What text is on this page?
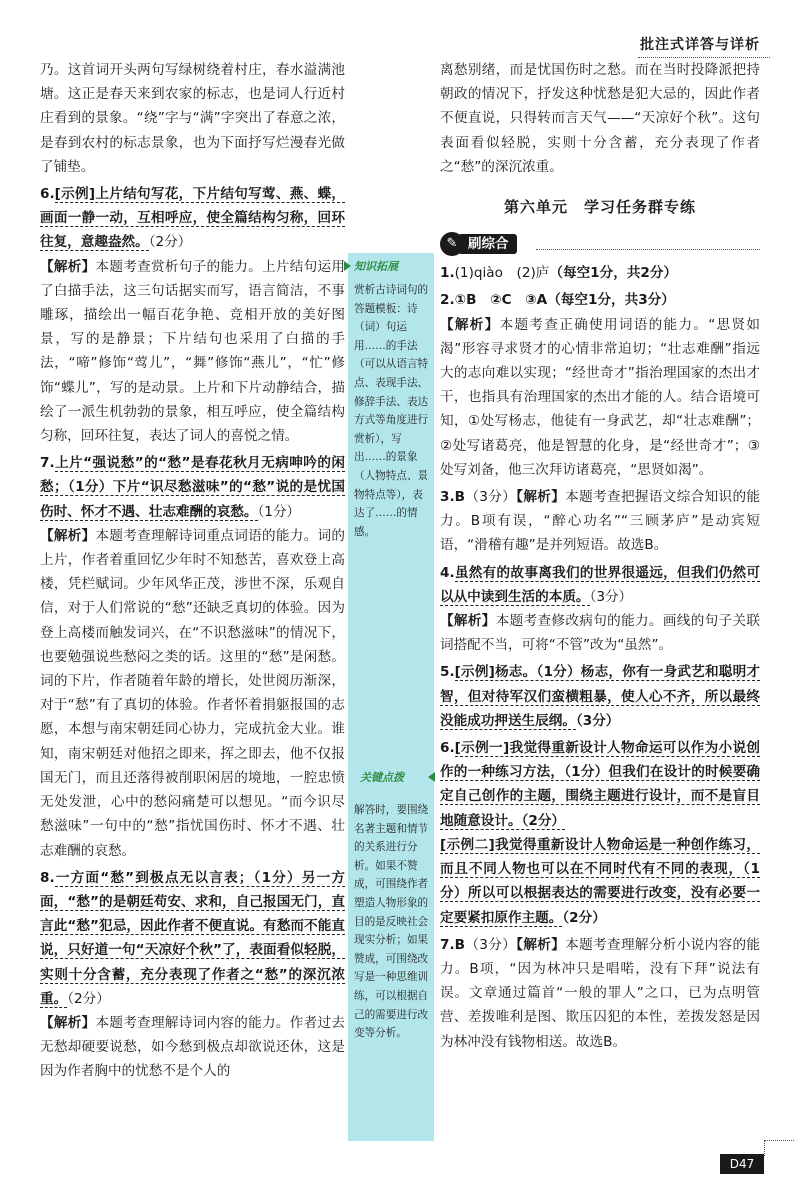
批注式详答与详析

乃。这首词开头两句写绿树绕着村庄，春水溢满池塘。这正是春天来到农家的标志，也是词人行近村庄看到的景象。“绕”字与“满”字突出了春意之浓，是春到农村的标志景象，也为下面抒写烂漫春光做了铺垫。

6.[示例]上片结句写花，下片结句写莺、燕、蝶，画面一静一动，互相呼应，使全篇结构匀称，回环往复，意趣盎然。（2分）

【解析】本题考查赏析句子的能力。上片结句运用了白描手法，这三句话据实而写，语言简洁，不事雕琢，描绘出一幅百花争艳、竞相开放的美好图景，写的是静景；下片结句也采用了白描的手法，“啼”修饰“莺儿”，“舞”修饰“燕儿”，“忙”修饰“蝶儿”，写的是动景。上片和下片动静结合，描绘了一派生机勃勃的景象，相互呼应，使全篇结构匀称，回环往复，表达了词人的喜悦之情。

7.上片“强说愁”的“愁”是春花秋月无病呻吟的闲愁；（1分）下片“识尽愁滋味”的“愁”说的是忧国伤时、怀才不遇、壮志难酬的哀愁。（1分）

【解析】本题考查理解诗词重点词语的能力。词的上片，作者着重回忆少年时不知愁苦，喜欢登上高楼，凭栏赋词。少年风华正茂，涉世不深，乐观自信，对于人们常说的“愁”还缺乏真切的体验。因为登上高楼而触发词兴，在“不识愁滋味”的情况下，也要勉强说些愁闷之类的话。这里的“愁”是闲愁。词的下片，作者随着年龄的增长，处世阅历渐深，对于“愁”有了真切的体验。作者怀着捐躯报国的志愿，本想与南宋朝廷同心协力，完成抗金大业。谁知，南宋朝廷对他招之即来，挥之即去，他不仅报国无门，而且还落得被削职闲居的境地，一腔忠愤无处发泄，心中的愁闷痛楚可以想见。“而今识尽愁滋味”一句中的“愁”指忧国伤时、怀才不遇、壮志难酬的哀愁。

8.一方面“愁”到极点无以言表；（1分）另一方面，“愁”的是朝廷苟安、求和，自己报国无门，直言此“愁”犯忌，因此作者不便直说。有愁而不能直说，只好道一句“天凉好个秋”了，表面看似轻脱，实则十分含蓄，充分表现了作者之“愁”的深沉浓重。（2分）

【解析】本题考查理解诗词内容的能力。作者过去无愁却硬要说愁，如今愁到极点却欲说还休，这是因为作者胸中的忧愁不是个人的

赏析古诗词句的答题模板：诗（词）句运用……的手法（可以从语言特点、表现手法、修辞手法、表达方式等角度进行赏析），写出……的景象（人物特点、景物特点等），表达了……的情感。
解答时，要围绕名著主题和情节的关系进行分析。如果不赞成，可围绕作者塑造人物形象的目的是反映社会现实分析；如果赞成，可围绕改写是一种思维训练，可以根据自己的需要进行改变等分析。
知识拓展
关键点拨

离愁别绪，而是忧国伤时之愁。而在当时投降派把持朝政的情况下，抒发这种忧愁是犯大忌的，因此作者不便直说，只得转而言天气——“天凉好个秋”。这句表面看似轻脱，实则十分含蓄，充分表现了作者之“愁”的深沉浓重。

第六单元　学习任务群专练
刷综合
✎

1.(1)qiào　(2)庐（每空1分，共2分）

2.①B　②C　③A（每空1分，共3分）

【解析】本题考查正确使用词语的能力。“思贤如渴”形容寻求贤才的心情非常迫切；“壮志难酬”指远大的志向难以实现；“经世奇才”指治理国家的杰出才干，也指具有治理国家的杰出才能的人。结合语境可知，①处写杨志，他徒有一身武艺，却“壮志难酬”；②处写诸葛亮，他是智慧的化身，是“经世奇才”；③处写刘备，他三次拜访诸葛亮，“思贤如渴”。

3.B（3分）【解析】本题考查把握语文综合知识的能力。B项有误，“醉心功名”“三顾茅庐”是动宾短语，“滑稽有趣”是并列短语。故选B。

4.虽然有的故事离我们的世界很遥远，但我们仍然可以从中读到生活的本质。（3分）

【解析】本题考查修改病句的能力。画线的句子关联词搭配不当，可将“不管”改为“虽然”。

5.[示例]杨志。（1分）杨志，你有一身武艺和聪明才智，但对待军汉们蛮横粗暴，使人心不齐，所以最终没能成功押送生辰纲。（3分）

6.[示例一]我觉得重新设计人物命运可以作为小说创作的一种练习方法，（1分）但我们在设计的时候要确定自己创作的主题，围绕主题进行设计，而不是盲目地随意设计。（2分）

[示例二]我觉得重新设计人物命运是一种创作练习，而且不同人物也可以在不同时代有不同的表现，（1分）所以可以根据表达的需要进行改变，没有必要一定要紧扣原作主题。（2分）

7.B（3分）【解析】本题考查理解分析小说内容的能力。B项，“因为林冲只是唱喏，没有下拜”说法有误。文章通过篇首“一般的罪人”之口，已为点明管营、差拨唯利是图、欺压囚犯的本性，差拨发怒是因为林冲没有钱物相送。故选B。

D47
